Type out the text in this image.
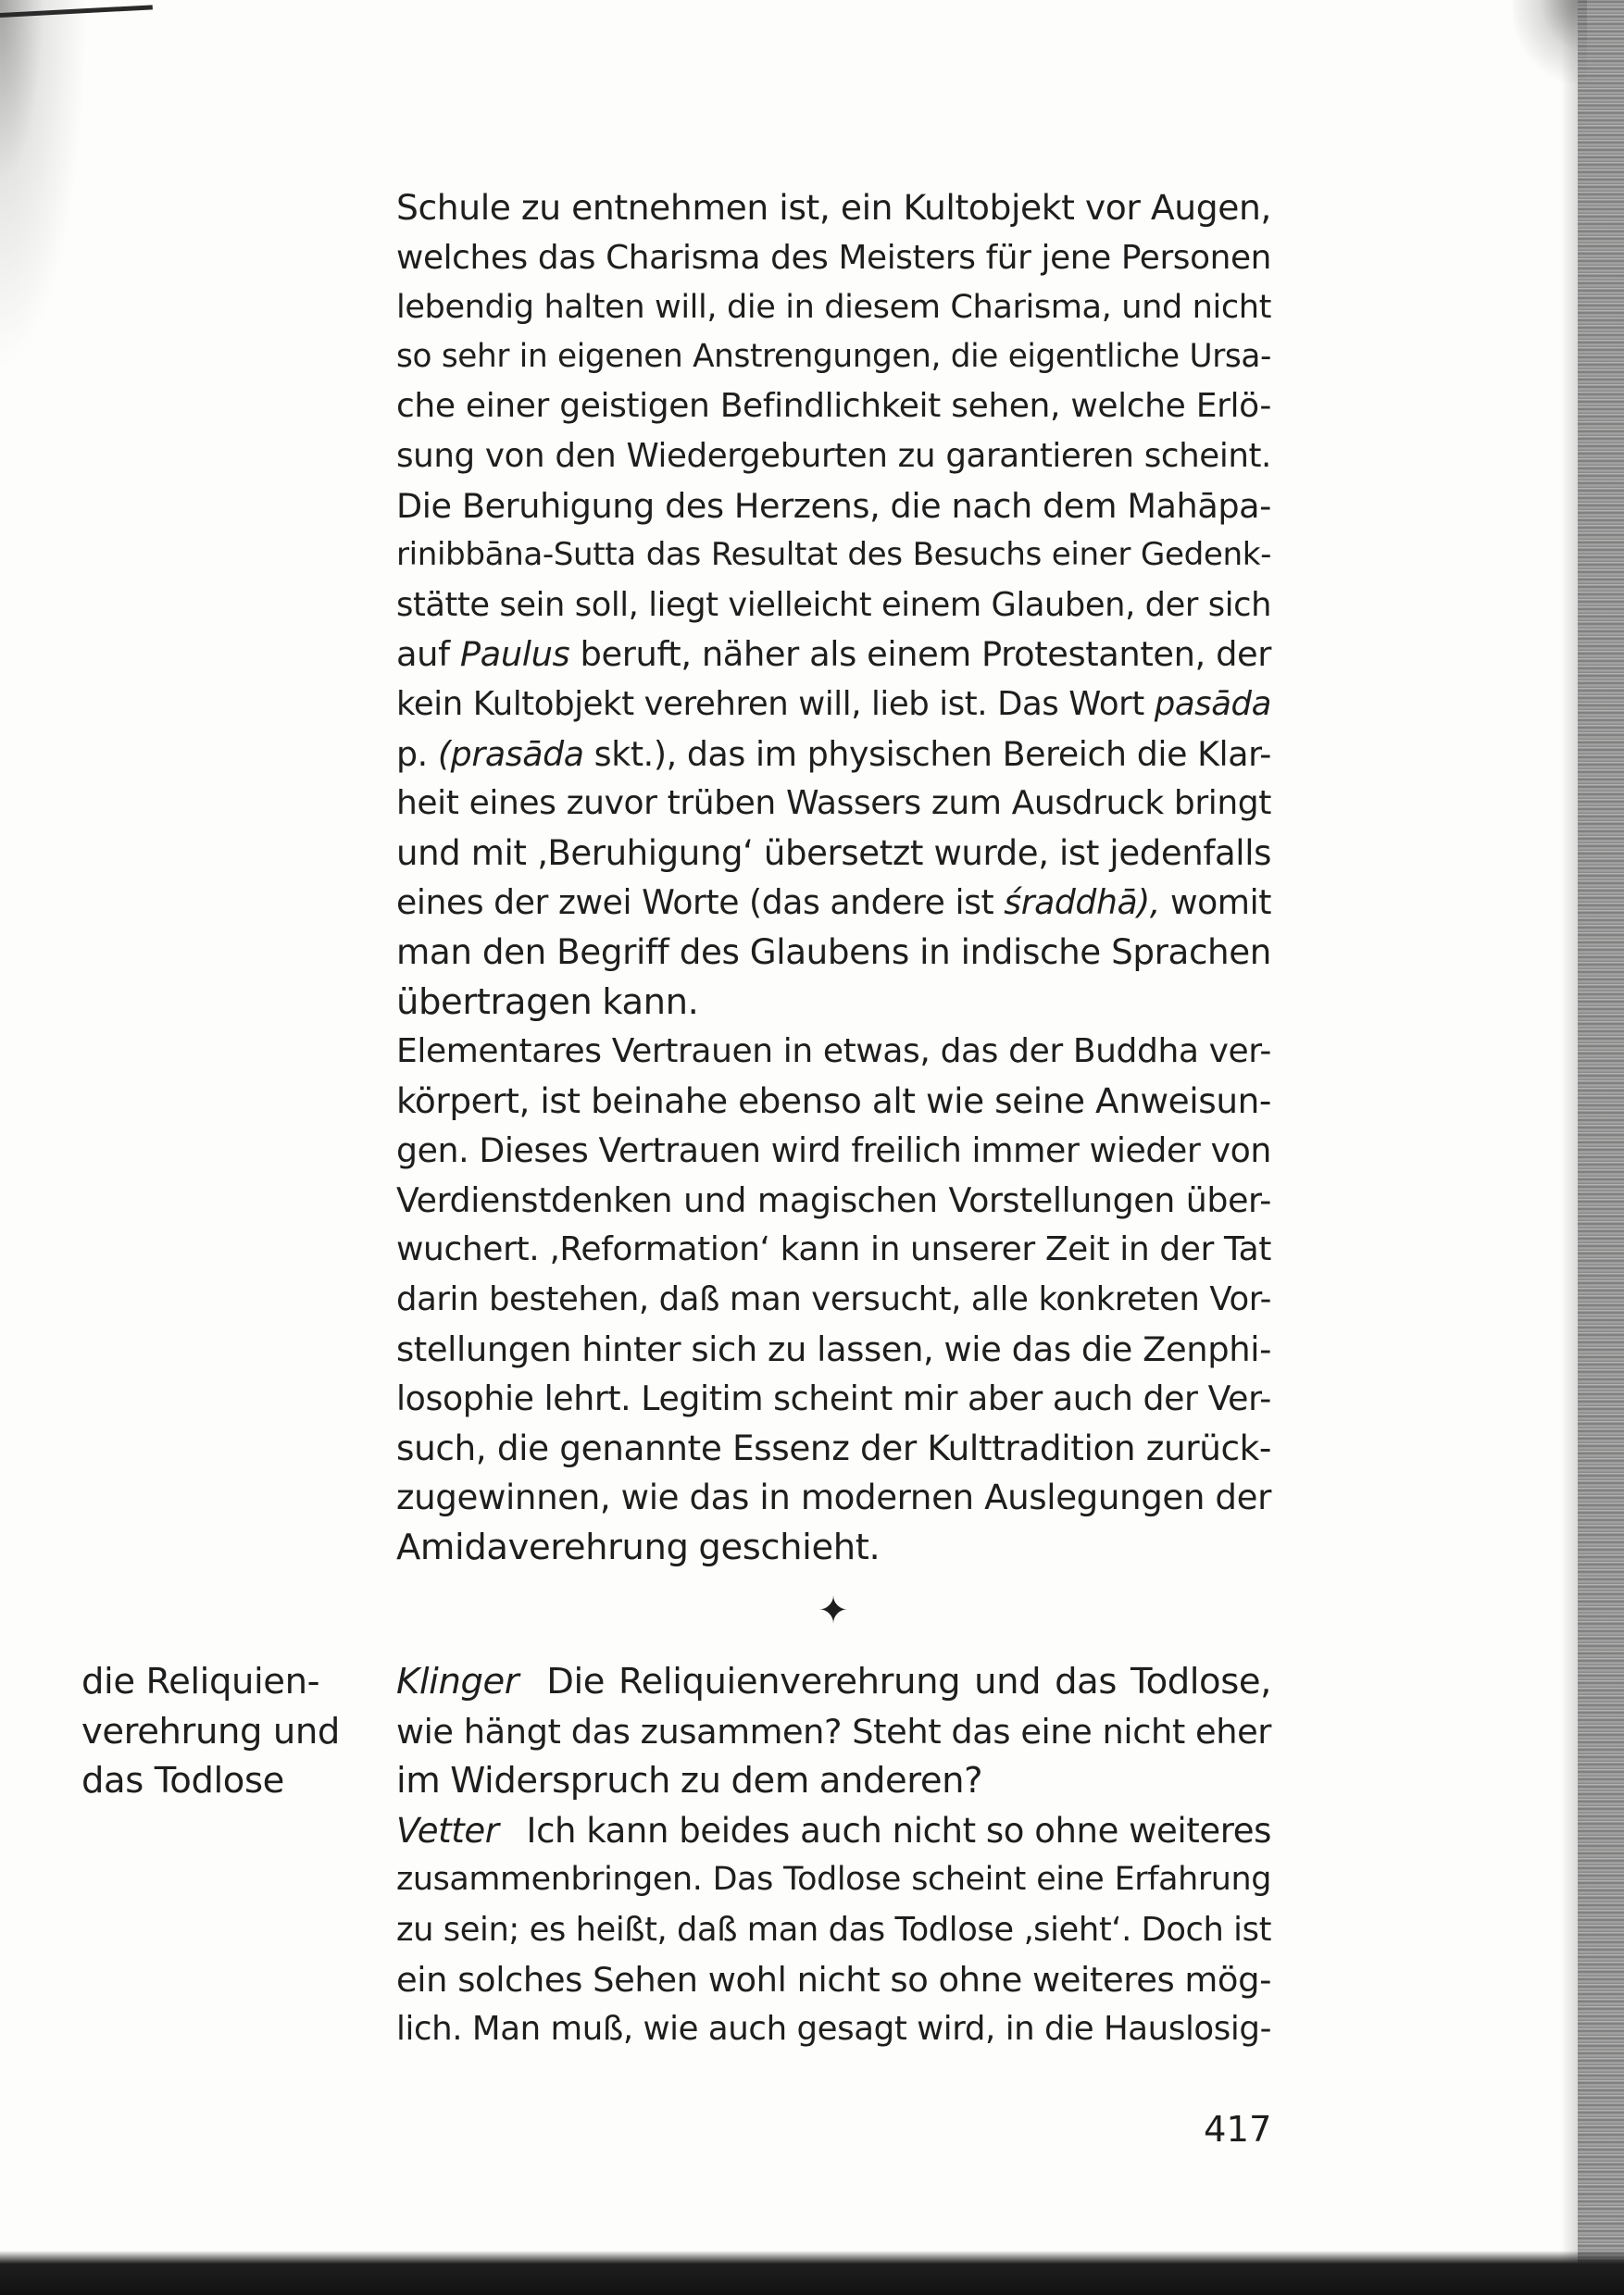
Schule zu entnehmen ist, ein Kultobjekt vor Augen,
welches das Charisma des Meisters für jene Personen
lebendig halten will, die in diesem Charisma, und nicht
so sehr in eigenen Anstrengungen, die eigentliche Ursa-
che einer geistigen Befindlichkeit sehen, welche Erlö-
sung von den Wiedergeburten zu garantieren scheint.
Die Beruhigung des Herzens, die nach dem Mahāpa-
rinibbāna-Sutta das Resultat des Besuchs einer Gedenk-
stätte sein soll, liegt vielleicht einem Glauben, der sich
auf Paulus beruft, näher als einem Protestanten, der
kein Kultobjekt verehren will, lieb ist. Das Wort pasāda
p. (prasāda skt.), das im physischen Bereich die Klar-
heit eines zuvor trüben Wassers zum Ausdruck bringt
und mit ‚Beruhigung‘ übersetzt wurde, ist jedenfalls
eines der zwei Worte (das andere ist śraddhā), womit
man den Begriff des Glaubens in indische Sprachen
übertragen kann.
Elementares Vertrauen in etwas, das der Buddha ver-
körpert, ist beinahe ebenso alt wie seine Anweisun-
gen. Dieses Vertrauen wird freilich immer wieder von
Verdienstdenken und magischen Vorstellungen über-
wuchert. ‚Reformation‘ kann in unserer Zeit in der Tat
darin bestehen, daß man versucht, alle konkreten Vor-
stellungen hinter sich zu lassen, wie das die Zenphi-
losophie lehrt. Legitim scheint mir aber auch der Ver-
such, die genannte Essenz der Kulttradition zurück-
zugewinnen, wie das in modernen Auslegungen der
Amidaverehrung geschieht.
✦
die Reliquien-
verehrung und
das Todlose
Klinger Die Reliquienverehrung und das Todlose,
wie hängt das zusammen? Steht das eine nicht eher
im Widerspruch zu dem anderen?
Vetter Ich kann beides auch nicht so ohne weiteres
zusammenbringen. Das Todlose scheint eine Erfahrung
zu sein; es heißt, daß man das Todlose ‚sieht‘. Doch ist
ein solches Sehen wohl nicht so ohne weiteres mög-
lich. Man muß, wie auch gesagt wird, in die Hauslosig-
417
